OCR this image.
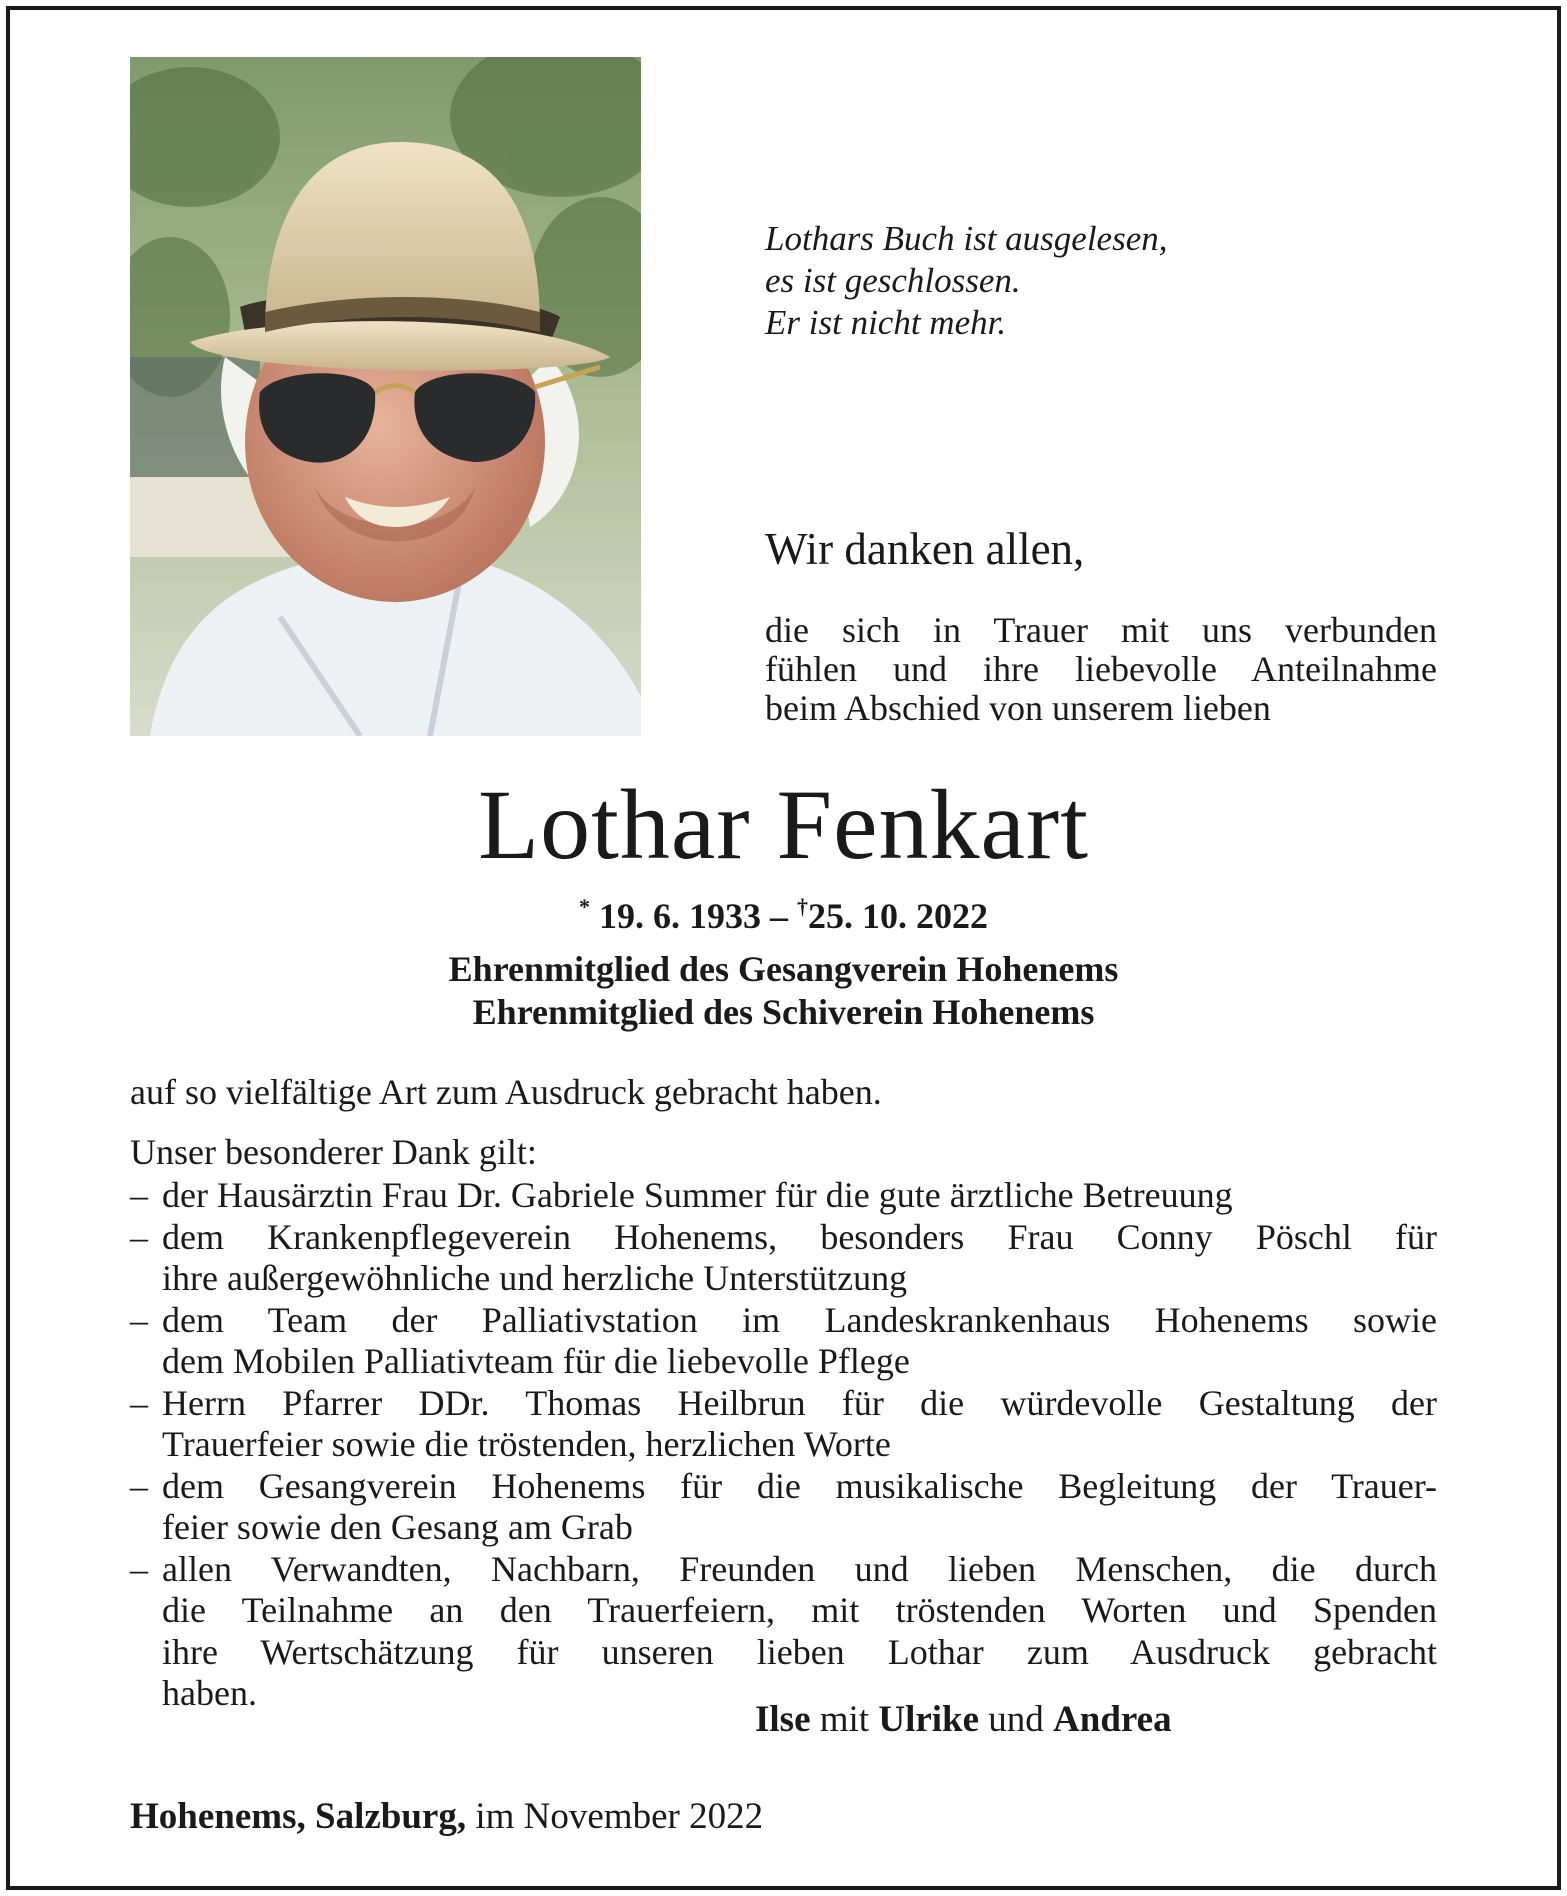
Lothars Buch ist ausgelesen,
es ist geschlossen.
Er ist nicht mehr.
Wir danken allen,
die sich in Trauer mit uns verbunden
fühlen und ihre liebevolle Anteilnahme
beim Abschied von unserem lieben
Lothar Fenkart
* 19. 6. 1933 – †25. 10. 2022
Ehrenmitglied des Gesangverein Hohenems
Ehrenmitglied des Schiverein Hohenems
auf so vielfältige Art zum Ausdruck gebracht haben.
Unser besonderer Dank gilt:
– der Hausärztin Frau Dr. Gabriele Summer für die gute ärztliche Betreuung
– dem Krankenpflegeverein Hohenems, besonders Frau Conny Pöschl für
ihre außergewöhnliche und herzliche Unterstützung
– dem Team der Palliativstation im Landeskrankenhaus Hohenems sowie
dem Mobilen Palliativteam für die liebevolle Pflege
– Herrn Pfarrer DDr. Thomas Heilbrun für die würdevolle Gestaltung der
Trauerfeier sowie die tröstenden, herzlichen Worte
– dem Gesangverein Hohenems für die musikalische Begleitung der Trauer-
feier sowie den Gesang am Grab
– allen Verwandten, Nachbarn, Freunden und lieben Menschen, die durch
die Teilnahme an den Trauerfeiern, mit tröstenden Worten und Spenden
ihre Wertschätzung für unseren lieben Lothar zum Ausdruck gebracht
haben.
Ilse mit Ulrike und Andrea
Hohenems, Salzburg, im November 2022
